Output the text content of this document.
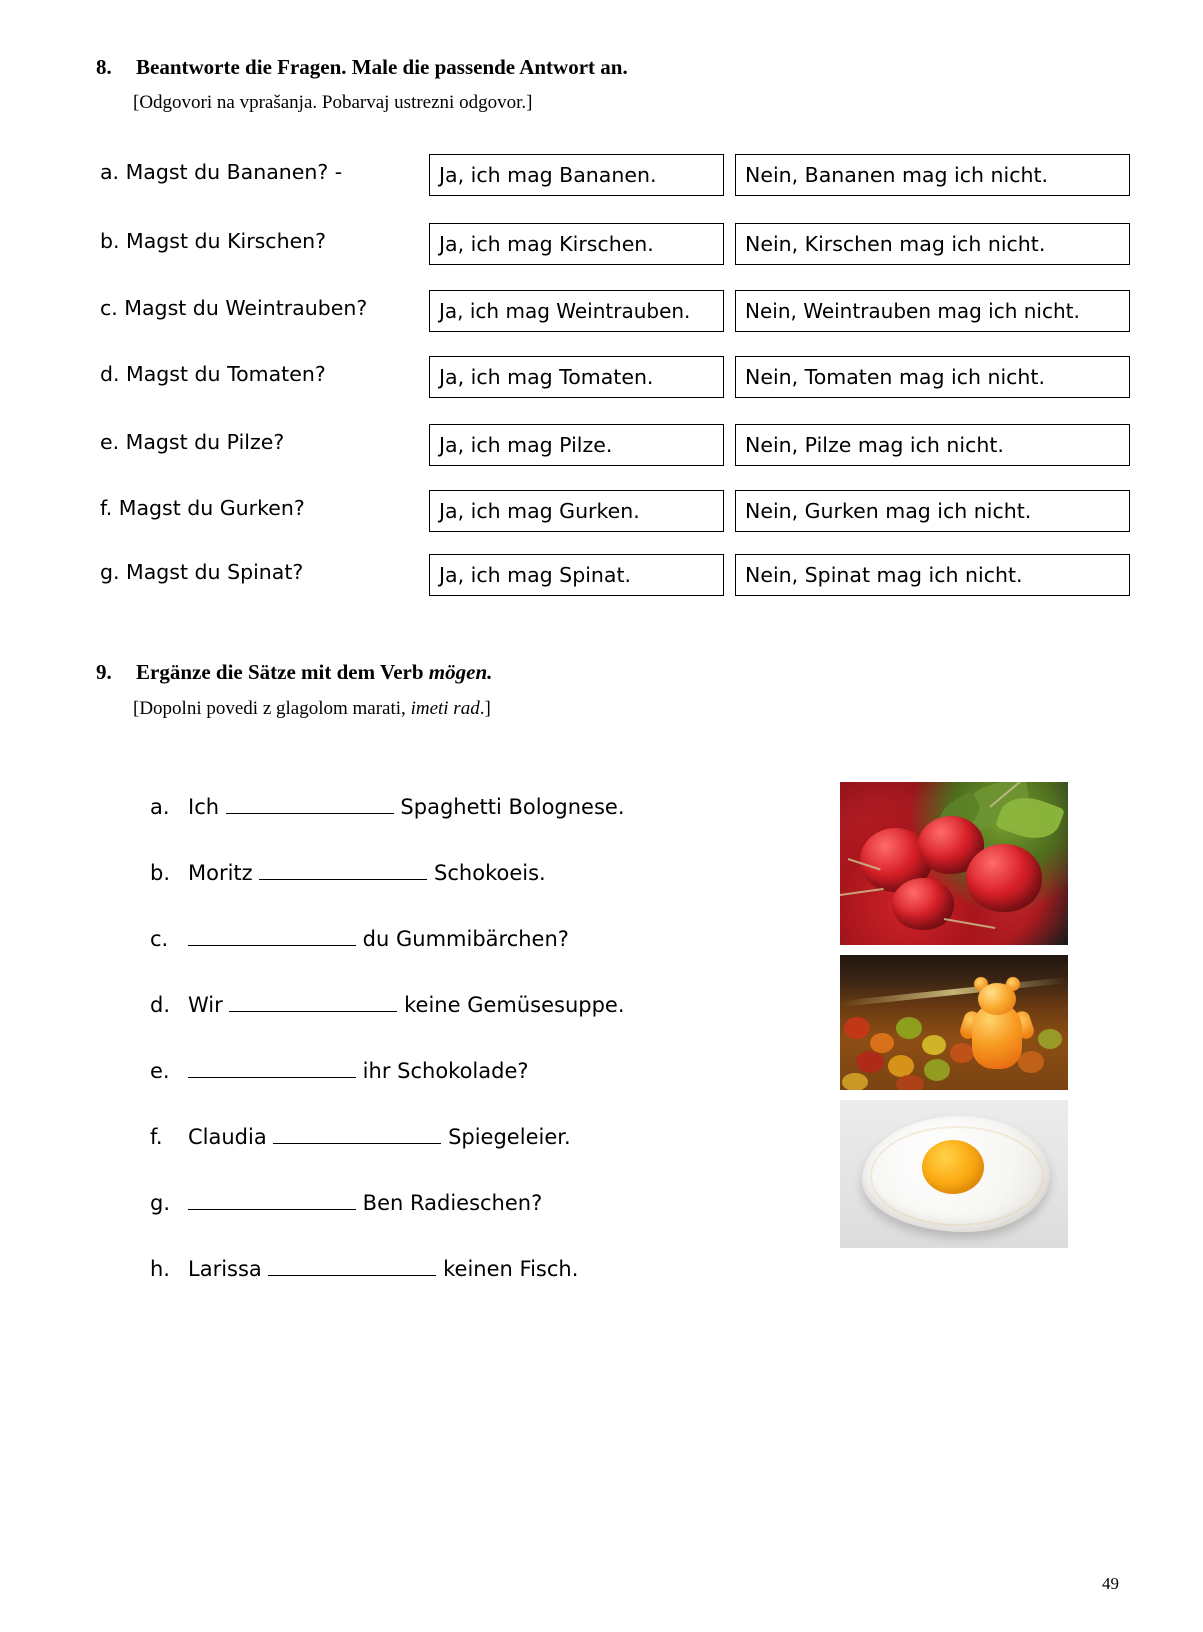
8.	Beantworte die Fragen. Male die passende Antwort an.
[Odgovori na vprašanja. Pobarvaj ustrezni odgovor.]
a. Magst du Bananen? -	Ja, ich mag Bananen.	Nein, Bananen mag ich nicht.
b. Magst du Kirschen?	Ja, ich mag Kirschen.	Nein, Kirschen mag ich nicht.
c. Magst du Weintrauben?	Ja, ich mag Weintrauben.	Nein, Weintrauben mag ich nicht.
d. Magst du Tomaten?	Ja, ich mag Tomaten.	Nein, Tomaten mag ich nicht.
e. Magst du Pilze?	Ja, ich mag Pilze.	Nein, Pilze mag ich nicht.
f. Magst du Gurken?	Ja, ich mag Gurken.	Nein, Gurken mag ich nicht.
g. Magst du Spinat?	Ja, ich mag Spinat.	Nein, Spinat mag ich nicht.
9.	Ergänze die Sätze mit dem Verb mögen.
[Dopolni povedi z glagolom marati, imeti rad.]
a. Ich	Spaghetti Bolognese.
b. Moritz	Schokoeis.
c.	du Gummibärchen?
d. Wir	keine Gemüsesuppe.
e.	ihr Schokolade?
f. Claudia	Spiegeleier.
g.	Ben Radieschen?
h. Larissa	keinen Fisch.
49
